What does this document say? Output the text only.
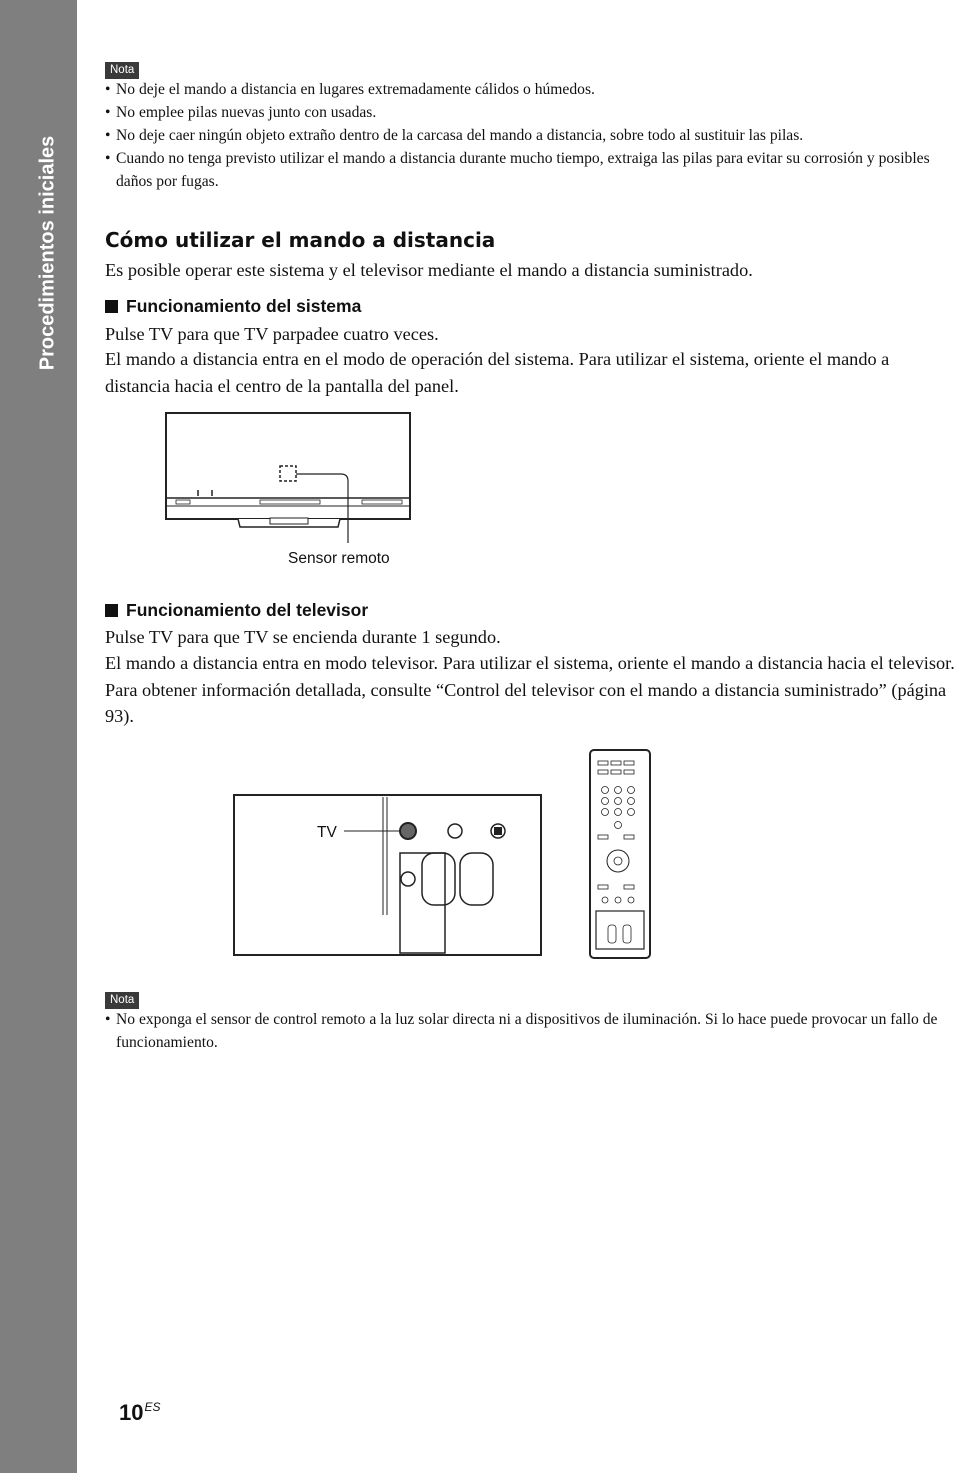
Procedimientos iniciales
Nota
• No deje el mando a distancia en lugares extremadamente cálidos o húmedos.
• No emplee pilas nuevas junto con usadas.
• No deje caer ningún objeto extraño dentro de la carcasa del mando a distancia, sobre todo al sustituir las pilas.
• Cuando no tenga previsto utilizar el mando a distancia durante mucho tiempo, extraiga las pilas para evitar su corrosión y posibles daños por fugas.
Cómo utilizar el mando a distancia

Es posible operar este sistema y el televisor mediante el mando a distancia suministrado.

Funcionamiento del sistema

Pulse TV para que TV parpadee cuatro veces.

El mando a distancia entra en el modo de operación del sistema. Para utilizar el sistema, oriente el mando a distancia hacia el centro de la pantalla del panel.

Funcionamiento del televisor

Pulse TV para que TV se encienda durante 1 segundo.

El mando a distancia entra en modo televisor. Para utilizar el sistema, oriente el mando a distancia hacia el televisor. Para obtener información detallada, consulte “Control del televisor con el mando a distancia suministrado” (página 93).

Nota
• No exponga el sensor de control remoto a la luz solar directa ni a dispositivos de iluminación. Si lo hace puede provocar un fallo de funcionamiento.
Sensor remoto
TV
$10^{ES}$
